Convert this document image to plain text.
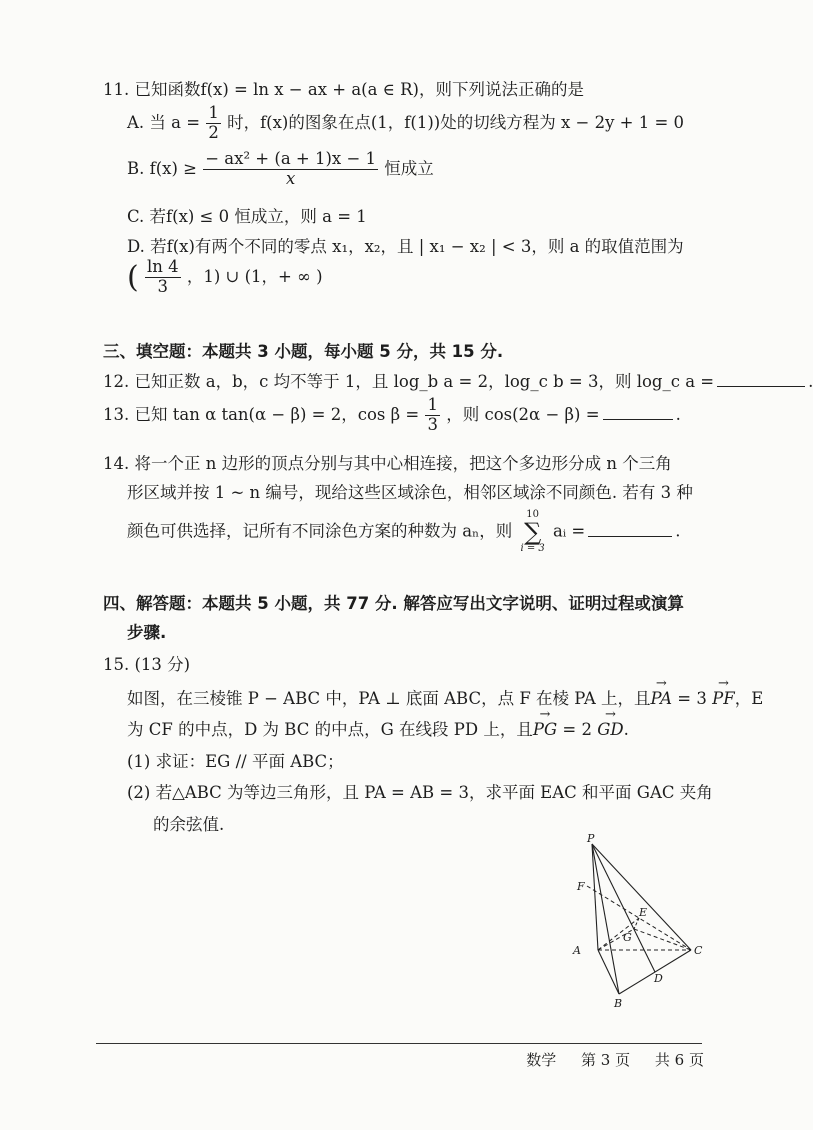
11. 已知函数f(x) = ln x − ax + a(a ∈ R)，则下列说法正确的是
A. 当 $a = \frac{1}{2}$ 时，f(x)的图象在点(1，f(1))处的切线方程为 x − 2y + 1 = 0
B. $f(x) \ge \frac{\text{− ax² + (a + 1)x − 1}}{x}$ 恒成立
C. 若f(x) ≤ 0 恒成立，则 a = 1
D. 若f(x)有两个不同的零点 x₁，x₂，且 | x₁ − x₂ | < 3，则 a 的取值范围为
( $\frac{\ln 4}{3}$ ，1) ∪ (1，+ ∞ )
三、填空题：本题共 3 小题，每小题 5 分，共 15 分.
12. 已知正数 a，b，c 均不等于 1，且 log_b a = 2，log_c b = 3，则 log_c a =	.
13. 已知 tan α tan(α − β) = 2，$\cos \beta = \frac{1}{3}$ ，则 cos(2α − β) =	.
14. 将一个正 n 边形的顶点分别与其中心相连接，把这个多边形分成 n 个三角
形区域并按 1 ~ n 编号，现给这些区域涂色，相邻区域涂不同颜色. 若有 3 种
颜色可供选择，记所有不同涂色方案的种数为 aₙ，则
10
∑
i = 3
aᵢ =	.
四、解答题：本题共 5 小题，共 77 分. 解答应写出文字说明、证明过程或演算
步骤.
15. (13 分)
如图，在三棱锥 P − ABC 中，PA ⊥ 底面 ABC，点 F 在棱 PA 上，且→ PA = 3 → PF，E
为 CF 的中点，D 为 BC 的中点，G 在线段 PD 上，且→ PG = 2 → GD.
(1) 求证：EG // 平面 ABC；
(2) 若△ABC 为等边三角形，且 PA = AB = 3，求平面 EAC 和平面 GAC 夹角
的余弦值.
P
F
E
G
A	C
D
B
数学 第 3 页 共 6 页
